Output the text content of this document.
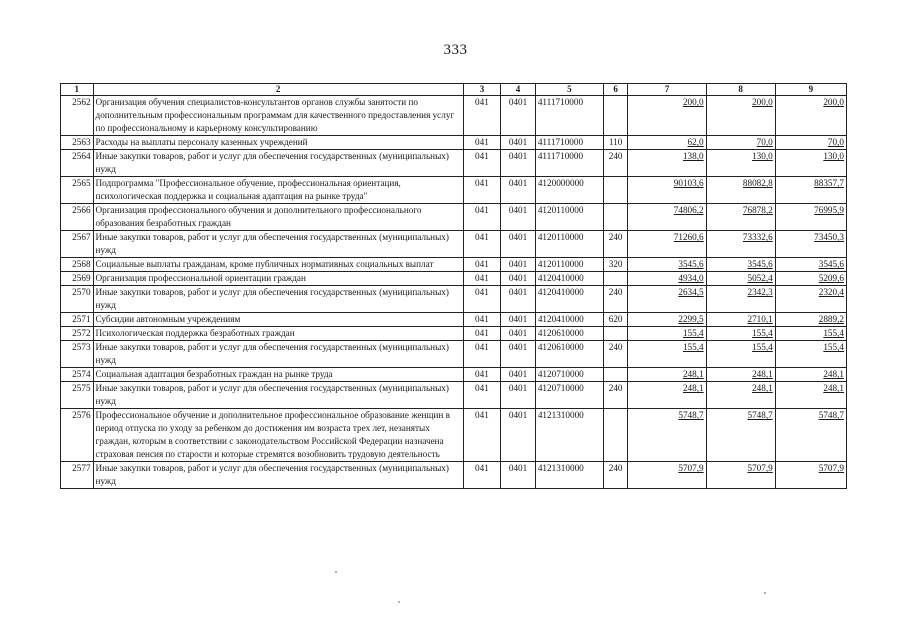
333
1	2	3	4	5	6	7	8	9
2562	Организация обучения специалистов-консультантов органов службы занятости по дополнительным профессиональным программам для качественного предоставления услуг по профессиональному и карьерному консультированию	041	0401	4111710000		200,0	200,0	200,0
2563	Расходы на выплаты персоналу казенных учреждений	041	0401	4111710000	110	62,0	70,0	70,0
2564	Иные закупки товаров, работ и услуг для обеспечения государственных (муниципальных) нужд	041	0401	4111710000	240	138,0	130,0	130,0
2565	Подпрограмма "Профессиональное обучение, профессиональная ориентация, психологическая поддержка и социальная адаптация на рынке труда"	041	0401	4120000000		90103,6	88082,8	88357,7
2566	Организация профессионального обучения и дополнительного профессионального образования безработных граждан	041	0401	4120110000		74806,2	76878,2	76995,9
2567	Иные закупки товаров, работ и услуг для обеспечения государственных (муниципальных) нужд	041	0401	4120110000	240	71260,6	73332,6	73450,3
2568	Социальные выплаты гражданам, кроме публичных нормативных социальных выплат	041	0401	4120110000	320	3545,6	3545,6	3545,6
2569	Организация профессиональной ориентации граждан	041	0401	4120410000		4934,0	5052,4	5209,6
2570	Иные закупки товаров, работ и услуг для обеспечения государственных (муниципальных) нужд	041	0401	4120410000	240	2634,5	2342,3	2320,4
2571	Субсидии автономным учреждениям	041	0401	4120410000	620	2299,5	2710,1	2889,2
2572	Психологическая поддержка безработных граждан	041	0401	4120610000		155,4	155,4	155,4
2573	Иные закупки товаров, работ и услуг для обеспечения государственных (муниципальных) нужд	041	0401	4120610000	240	155,4	155,4	155,4
2574	Социальная адаптация безработных граждан на рынке труда	041	0401	4120710000		248,1	248,1	248,1
2575	Иные закупки товаров, работ и услуг для обеспечения государственных (муниципальных) нужд	041	0401	4120710000	240	248,1	248,1	248,1
2576	Профессиональное обучение и дополнительное профессиональное образование женщин в период отпуска по уходу за ребенком до достижения им возраста трех лет, незанятых граждан, которым в соответствии с законодательством Российской Федерации назначена страховая пенсия по старости и которые стремятся возобновить трудовую деятельность	041	0401	4121310000		5748,7	5748,7	5748,7
2577	Иные закупки товаров, работ и услуг для обеспечения государственных (муниципальных) нужд	041	0401	4121310000	240	5707,9	5707,9	5707,9
